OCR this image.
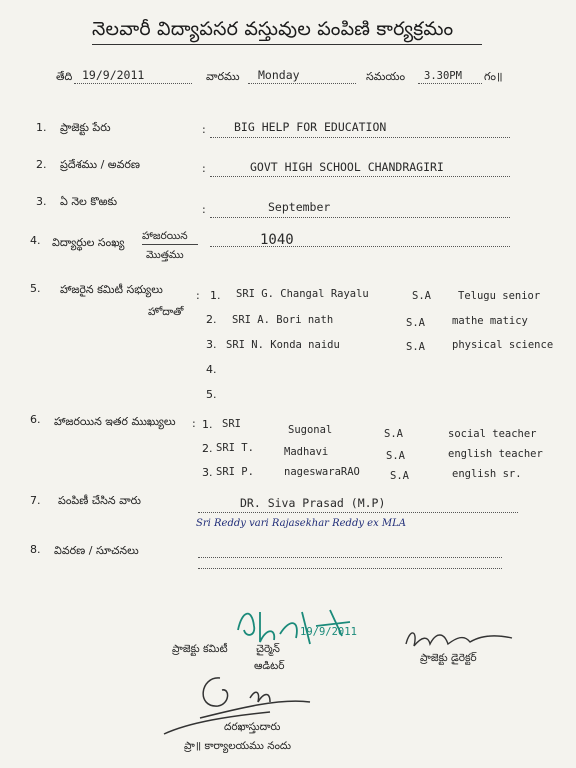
నెలవారీ విద్యాపసర వస్తువుల పంపిణి కార్యక్రమం
తేది 19/9/2011	వారము Monday	సమయం 3.30PM గం॥
1. ప్రాజెక్టు పేరు	: BIG HELP FOR EDUCATION
2. ప్రదేశము / అవరణ	:	GOVT HIGH SCHOOL CHANDRAGIRI
3. ఏ నెల కొఱకు
:	September
4. విద్యార్థుల సంఖ్య హాజరయిన
మొత్తము
1040
5. హాజరైన కమిటీ సభ్యులు
హోదాతో
: 1. SRI G. Changal Rayalu	S.A	Telugu senior
2. SRI A. Bori nath	S.A	mathe maticy
3. SRI N. Konda naidu	S.A	physical science
4.
5.
6. హాజరయిన ఇతర ముఖ్యులు : 1. SRI	Sugonal	S.A	social teacher
2. SRI T.	Madhavi	S.A	english teacher
3. SRI P.	nageswaraRAO	S.A	english sr.
7. పంపిణీ చేసిన వారు	DR. Siva Prasad (M.P)
Sri Reddy vari Rajasekhar Reddy ex MLA
8. వివరణ / సూచనలు
19/9/2011
చైర్మెన్
ప్రాజెక్టు కమిటీ
ఆడిటర్
ప్రాజెక్టు డైరెక్టర్
దరఖాస్తుదారు
ప్రా॥ కార్యాలయము నందు
